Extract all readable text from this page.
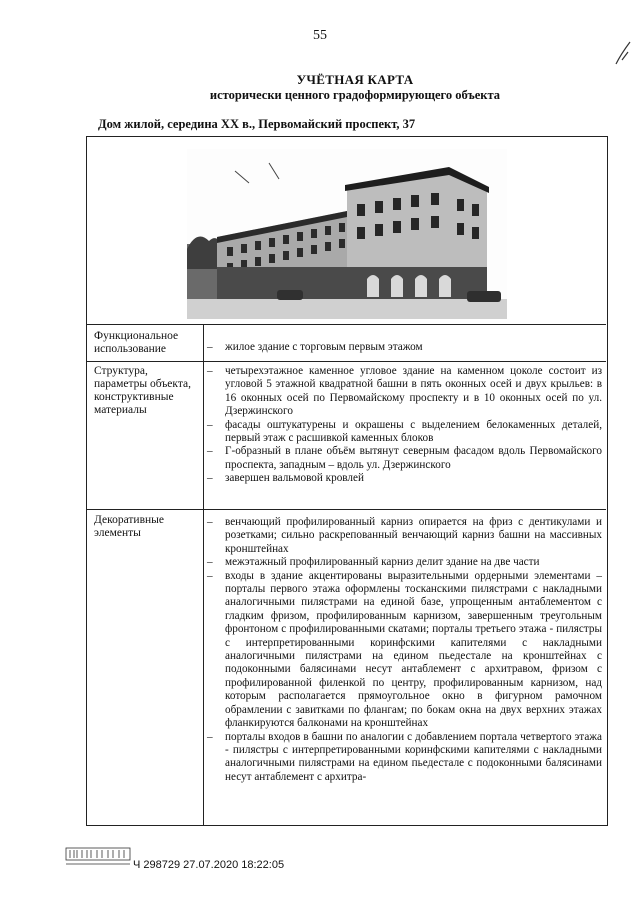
55
УЧЁТНАЯ КАРТА
исторически ценного градоформирующего объекта
Дом жилой, середина ХХ в., Первомайский проспект, 37
Функциональное использование
–	жилое здание с торговым первым этажом
Структура, параметры объекта, конструктивные материалы
– четырехэтажное каменное угловое здание на каменном цоколе состоит из угловой 5 этажной квадратной башни в пять оконных осей и двух крыльев: в 16 оконных осей по Первомайскому проспекту и в 10 оконных осей по ул. Дзержинского
– фасады оштукатурены и окрашены с выделением белокаменных деталей, первый этаж с расшивкой каменных блоков
– Г-образный в плане объём вытянут северным фасадом вдоль Первомайского проспекта, западным – вдоль ул. Дзержинского
– завершен вальмовой кровлей
Декоративные элементы
– венчающий профилированный карниз опирается на фриз с дентикулами и розетками; сильно раскрепованный венчающий карниз башни на массивных кронштейнах
– межэтажный профилированный карниз делит здание на две части
– входы в здание акцентированы выразительными ордерными элементами – порталы первого этажа оформлены тосканскими пилястрами с накладными аналогичными пилястрами на единой базе, упрощенным антаблементом с гладким фризом, профилированным карнизом, завершенным треугольным фронтоном с профилированными скатами; порталы третьего этажа - пилястры с интерпретированными коринфскими капителями с накладными аналогичными пилястрами на едином пьедестале на кронштейнах с подоконными балясинами несут антаблемент с архитравом, фризом с профилированной филенкой по центру, профилированным карнизом, над которым располагается прямоугольное окно в фигурном рамочном обрамлении с завитками по флангам; по бокам окна на двух верхних этажах фланкируются балконами на кронштейнах
– порталы входов в башни по аналогии с добавлением портала четвертого этажа - пилястры с интерпретированными коринфскими капителями с накладными аналогичными пилястрами на едином пьедестале с подоконными балясинами несут антаблемент с архитра-
Ч 298729 27.07.2020 18:22:05
